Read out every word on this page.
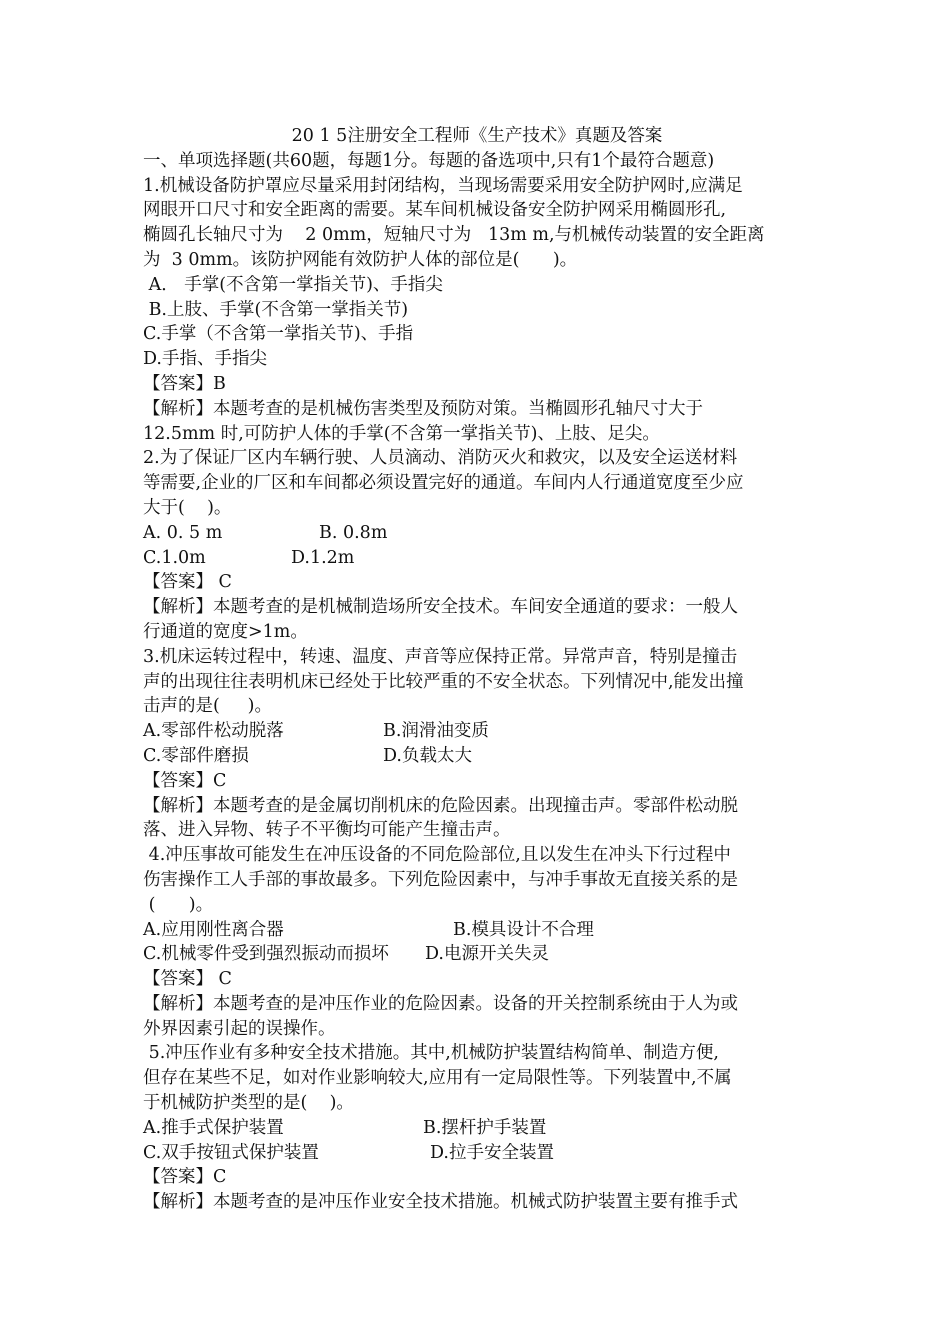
20 1 5注册安全工程师《生产技术》真题及答案
一、单项选择题(共60题，每题1分。每题的备选项中,只有1个最符合题意)
1.机械设备防护罩应尽量采用封闭结构，当现场需要采用安全防护网时,应满足
网眼开口尺寸和安全距离的需要。某车间机械设备安全防护网采用椭圆形孔,
椭圆孔长轴尺寸为    2 0mm，短轴尺寸为   13m m,与机械传动装置的安全距离
为  3 0mm。该防护网能有效防护人体的部位是(      )。
A． 手掌(不含第一掌指关节)、手指尖
B.上肢、手掌(不含第一掌指关节)
C.手掌（不含第一掌指关节)、手指
D.手指、手指尖
【答案】B
【解析】本题考查的是机械伤害类型及预防对策。当椭圆形孔轴尺寸大于
12.5mm 时,可防护人体的手掌(不含第一掌指关节)、上肢、足尖。
2.为了保证厂区内车辆行驶、人员滴动、消防灭火和救灾，以及安全运送材料
等需要,企业的厂区和车间都必须设置完好的通道。车间内人行通道宽度至少应
大于(    )。

A. 0. 5 m

	B. 0.8m

C.1.0m

	D.1.2m

【答案】 C
【解析】本题考查的是机械制造场所安全技术。车间安全通道的要求：一般人
行通道的宽度>1m。
3.机床运转过程中，转速、温度、声音等应保持正常。异常声音，特别是撞击
声的出现往往表明机床已经处于比较严重的不安全状态。下列情况中,能发出撞
击声的是(     )。

A.零部件松动脱落

	B.润滑油变质

C.零部件磨损

	D.负载太大

【答案】C
【解析】本题考查的是金属切削机床的危险因素。出现撞击声。零部件松动脱
落、进入异物、转子不平衡均可能产生撞击声。
4.冲压事故可能发生在冲压设备的不同危险部位,且以发生在冲头下行过程中
伤害操作工人手部的事故最多。下列危险因素中，与冲手事故无直接关系的是
(      )。

A.应用刚性离合器

	B.模具设计不合理

C.机械零件受到强烈振动而损坏

D.电源开关失灵

【答案】 C
【解析】本题考查的是冲压作业的危险因素。设备的开关控制系统由于人为或
外界因素引起的误操作。
5.冲压作业有多种安全技术措施。其中,机械防护装置结构简单、制造方便,
但存在某些不足，如对作业影响较大,应用有一定局限性等。下列装置中,不属
于机械防护类型的是(    )。

A.推手式保护装置

	B.摆杆护手装置

C.双手按钮式保护装置

	D.拉手安全装置

【答案】C
【解析】本题考查的是冲压作业安全技术措施。机械式防护装置主要有推手式
